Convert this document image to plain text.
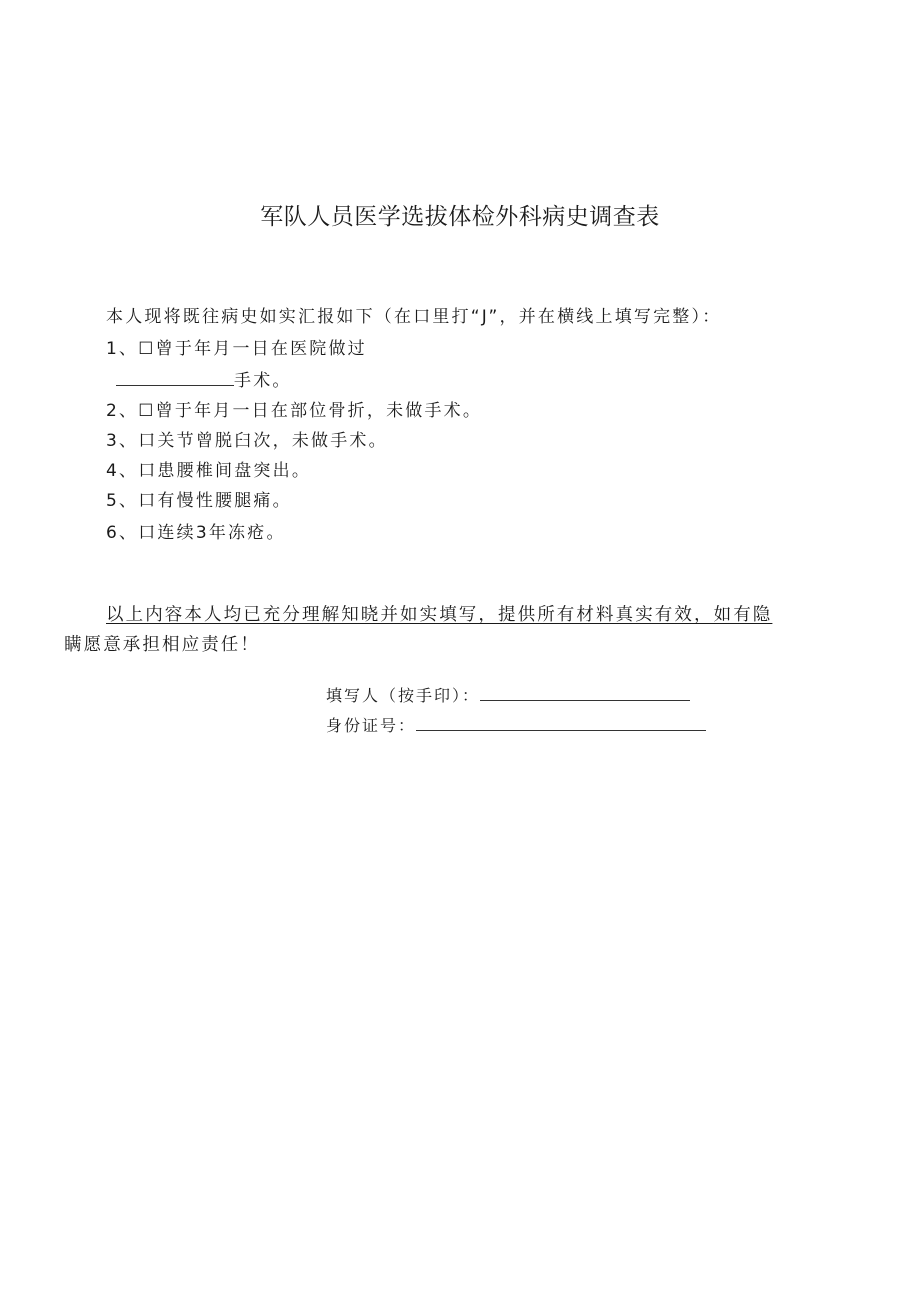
军队人员医学选拔体检外科病史调查表
本人现将既往病史如实汇报如下（在口里打“J”，并在横线上填写完整）：
1、☐曾于年月一日在医院做过
手术。
2、☐曾于年月一日在部位骨折，未做手术。
3、口关节曾脱臼次，未做手术。
4、口患腰椎间盘突出。
5、口有慢性腰腿痛。
6、口连续3年冻疮。
以上内容本人均已充分理解知晓并如实填写，提供所有材料真实有效，如有隐
瞒愿意承担相应责任！
填写人（按手印）：
身份证号：
